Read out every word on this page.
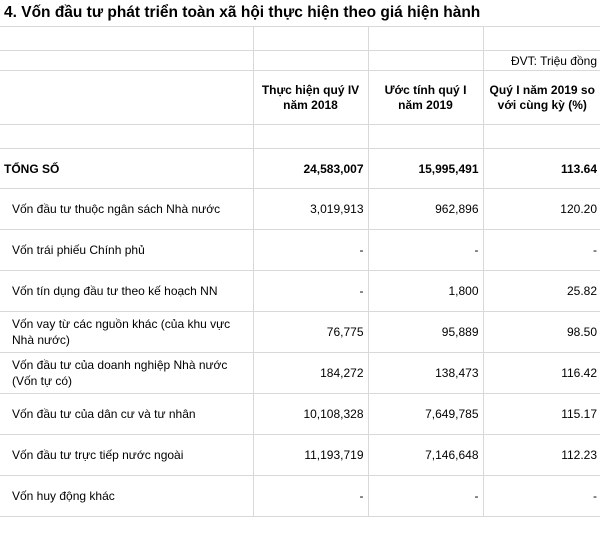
4. Vốn đầu tư phát triển toàn xã hội thực hiện theo giá hiện hành

			ĐVT: Triệu đồng
	Thực hiện quý IV năm 2018	Ước tính quý I năm 2019	Quý I năm 2019 so với cùng kỳ (%)

TỔNG SỐ	24,583,007	15,995,491	113.64
Vốn đầu tư thuộc ngân sách Nhà nước	3,019,913	962,896	120.20
Vốn trái phiếu Chính phủ	-	-	-
Vốn tín dụng đầu tư theo kế hoạch NN	-	1,800	25.82
Vốn vay từ các nguồn khác (của khu vực Nhà nước)	76,775	95,889	98.50
Vốn đầu tư của doanh nghiệp Nhà nước (Vốn tự có)	184,272	138,473	116.42
Vốn đầu tư của dân cư và tư nhân	10,108,328	7,649,785	115.17
Vốn đầu tư trực tiếp nước ngoài	11,193,719	7,146,648	112.23
Vốn huy động khác	-	-	-
